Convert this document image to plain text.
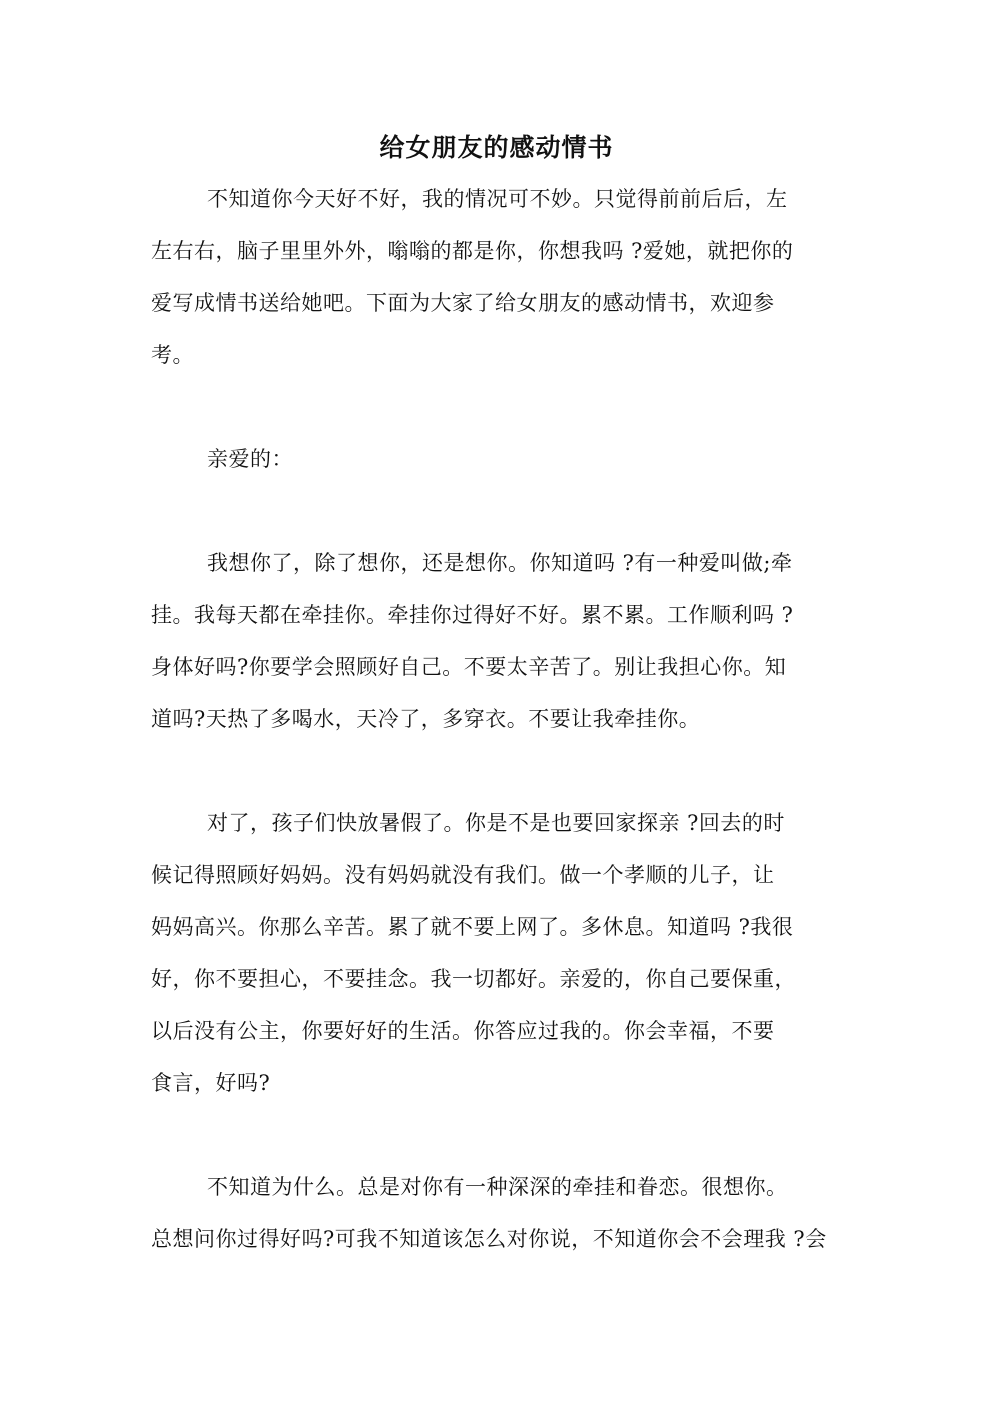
给女朋友的感动情书
不知道你今天好不好，我的情况可不妙。只觉得前前后后，左
左右右，脑子里里外外，嗡嗡的都是你，你想我吗 ?爱她，就把你的
爱写成情书送给她吧。下面为大家了给女朋友的感动情书，欢迎参
考。
亲爱的：
我想你了，除了想你，还是想你。你知道吗 ?有一种爱叫做;牵
挂。我每天都在牵挂你。牵挂你过得好不好。累不累。工作顺利吗 ?
身体好吗?你要学会照顾好自己。不要太辛苦了。别让我担心你。知
道吗?天热了多喝水，天冷了，多穿衣。不要让我牵挂你。
对了，孩子们快放暑假了。你是不是也要回家探亲 ?回去的时
候记得照顾好妈妈。没有妈妈就没有我们。做一个孝顺的儿子，让
妈妈高兴。你那么辛苦。累了就不要上网了。多休息。知道吗 ?我很
好，你不要担心，不要挂念。我一切都好。亲爱的，你自己要保重，
以后没有公主，你要好好的生活。你答应过我的。你会幸福，不要
食言，好吗?
不知道为什么。总是对你有一种深深的牵挂和眷恋。很想你。
总想问你过得好吗?可我不知道该怎么对你说，不知道你会不会理我 ?会
